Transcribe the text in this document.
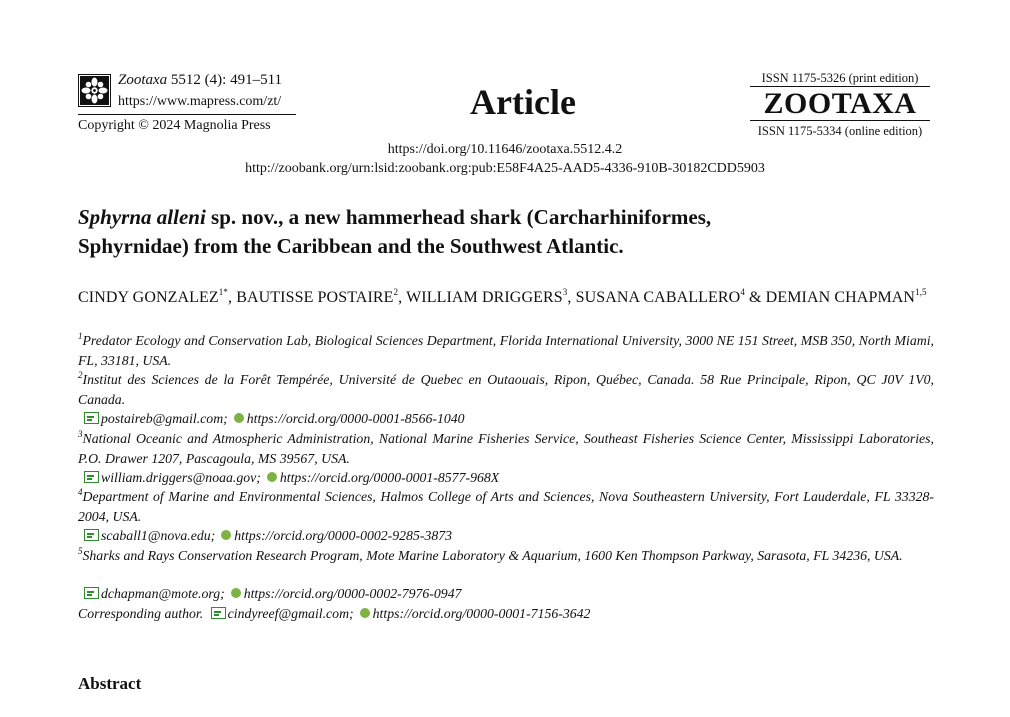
Zootaxa 5512 (4): 491–511
https://www.mapress.com/zt/
Copyright © 2024 Magnolia Press
Article
ISSN 1175-5326 (print edition)
ZOOTAXA
ISSN 1175-5334 (online edition)
https://doi.org/10.11646/zootaxa.5512.4.2
http://zoobank.org/urn:lsid:zoobank.org:pub:E58F4A25-AAD5-4336-910B-30182CDD5903
Sphyrna alleni sp. nov., a new hammerhead shark (Carcharhiniformes,
Sphyrnidae) from the Caribbean and the Southwest Atlantic.
CINDY $GONZALEZ^{1*}$, BAUTISSE POSTAIRE$^2$, WILLIAM DRIGGERS$^3$, SUSANA CABALLERO$^4$ & DEMIAN CHAPMAN$^{1,5}$
$^1$Predator Ecology and Conservation Lab, Biological Sciences Department, Florida International University, 3000 NE 151 Street, MSB 350, North Miami, FL, 33181, USA.
$^2$Institut des Sciences de la Forêt Tempérée, Université de Quebec en Outaouais, Ripon, Québec, Canada. 58 Rue Principale, Ripon, QC J0V 1V0, Canada.
postaireb@gmail.com; https://orcid.org/0000-0001-8566-1040
$^3$National Oceanic and Atmospheric Administration, National Marine Fisheries Service, Southeast Fisheries Science Center, Mississippi Laboratories, P.O. Drawer 1207, Pascagoula, MS 39567, USA.
william.driggers@noaa.gov; https://orcid.org/0000-0001-8577-968X
$^4$Department of Marine and Environmental Sciences, Halmos College of Arts and Sciences, Nova Southeastern University, Fort Lauderdale, FL 33328-2004, USA.
scaball1@nova.edu; https://orcid.org/0000-0002-9285-3873
$^5$Sharks and Rays Conservation Research Program, Mote Marine Laboratory & Aquarium, 1600 Ken Thompson Parkway, Sarasota, FL 34236, USA.
dchapman@mote.org; https://orcid.org/0000-0002-7976-0947
Corresponding author. cindyreef@gmail.com; https://orcid.org/0000-0001-7156-3642
Abstract
